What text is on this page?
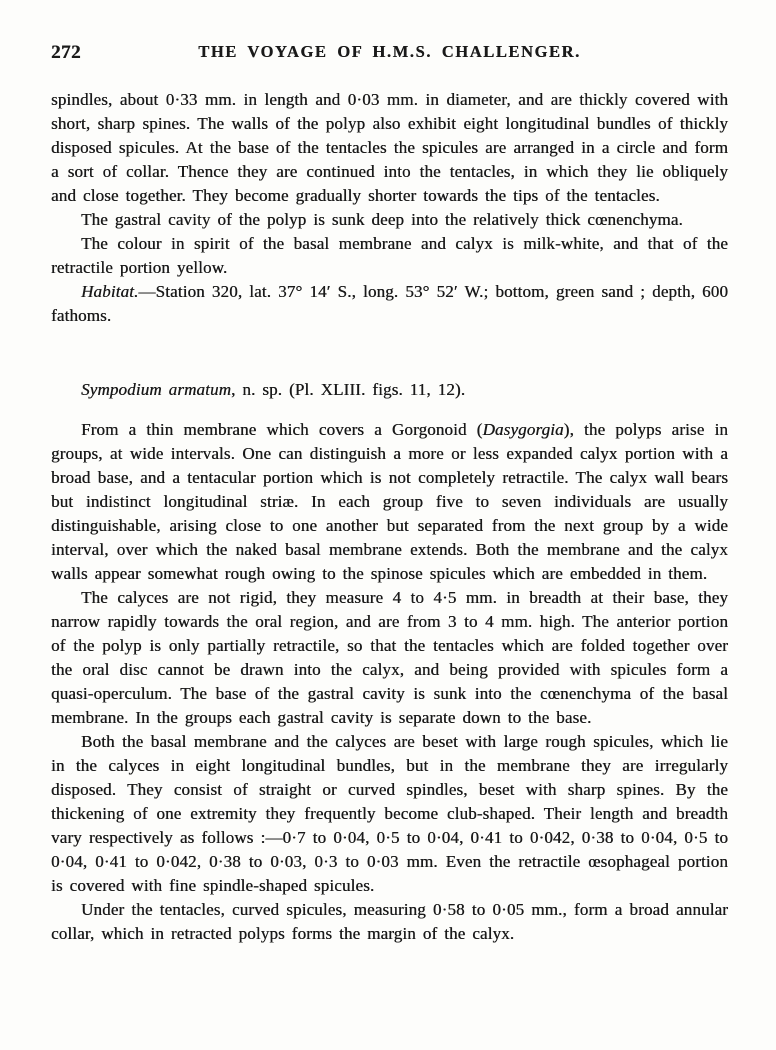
272	THE VOYAGE OF H.M.S. CHALLENGER.

spindles, about 0·33 mm. in length and 0·03 mm. in diameter, and are thickly covered with short, sharp spines. The walls of the polyp also exhibit eight longitudinal bundles of thickly disposed spicules. At the base of the tentacles the spicules are arranged in a circle and form a sort of collar. Thence they are continued into the tentacles, in which they lie obliquely and close together. They become gradually shorter towards the tips of the tentacles.

The gastral cavity of the polyp is sunk deep into the relatively thick cœnenchyma.

The colour in spirit of the basal membrane and calyx is milk-white, and that of the retractile portion yellow.

Habitat.—Station 320, lat. 37° 14′ S., long. 53° 52′ W.; bottom, green sand ; depth, 600 fathoms.

Sympodium armatum, n. sp. (Pl. XLIII. figs. 11, 12).

From a thin membrane which covers a Gorgonoid (Dasygorgia), the polyps arise in groups, at wide intervals. One can distinguish a more or less expanded calyx portion with a broad base, and a tentacular portion which is not completely retractile. The calyx wall bears but indistinct longitudinal striæ. In each group five to seven individuals are usually distinguishable, arising close to one another but separated from the next group by a wide interval, over which the naked basal membrane extends. Both the membrane and the calyx walls appear somewhat rough owing to the spinose spicules which are embedded in them.

The calyces are not rigid, they measure 4 to 4·5 mm. in breadth at their base, they narrow rapidly towards the oral region, and are from 3 to 4 mm. high. The anterior portion of the polyp is only partially retractile, so that the tentacles which are folded together over the oral disc cannot be drawn into the calyx, and being provided with spicules form a quasi-operculum. The base of the gastral cavity is sunk into the cœnenchyma of the basal membrane. In the groups each gastral cavity is separate down to the base.

Both the basal membrane and the calyces are beset with large rough spicules, which lie in the calyces in eight longitudinal bundles, but in the membrane they are irregularly disposed. They consist of straight or curved spindles, beset with sharp spines. By the thickening of one extremity they frequently become club-shaped. Their length and breadth vary respectively as follows :—0·7 to 0·04, 0·5 to 0·04, 0·41 to 0·042, 0·38 to 0·04, 0·5 to 0·04, 0·41 to 0·042, 0·38 to 0·03, 0·3 to 0·03 mm. Even the retractile œsophageal portion is covered with fine spindle-shaped spicules.

Under the tentacles, curved spicules, measuring 0·58 to 0·05 mm., form a broad annular collar, which in retracted polyps forms the margin of the calyx.
